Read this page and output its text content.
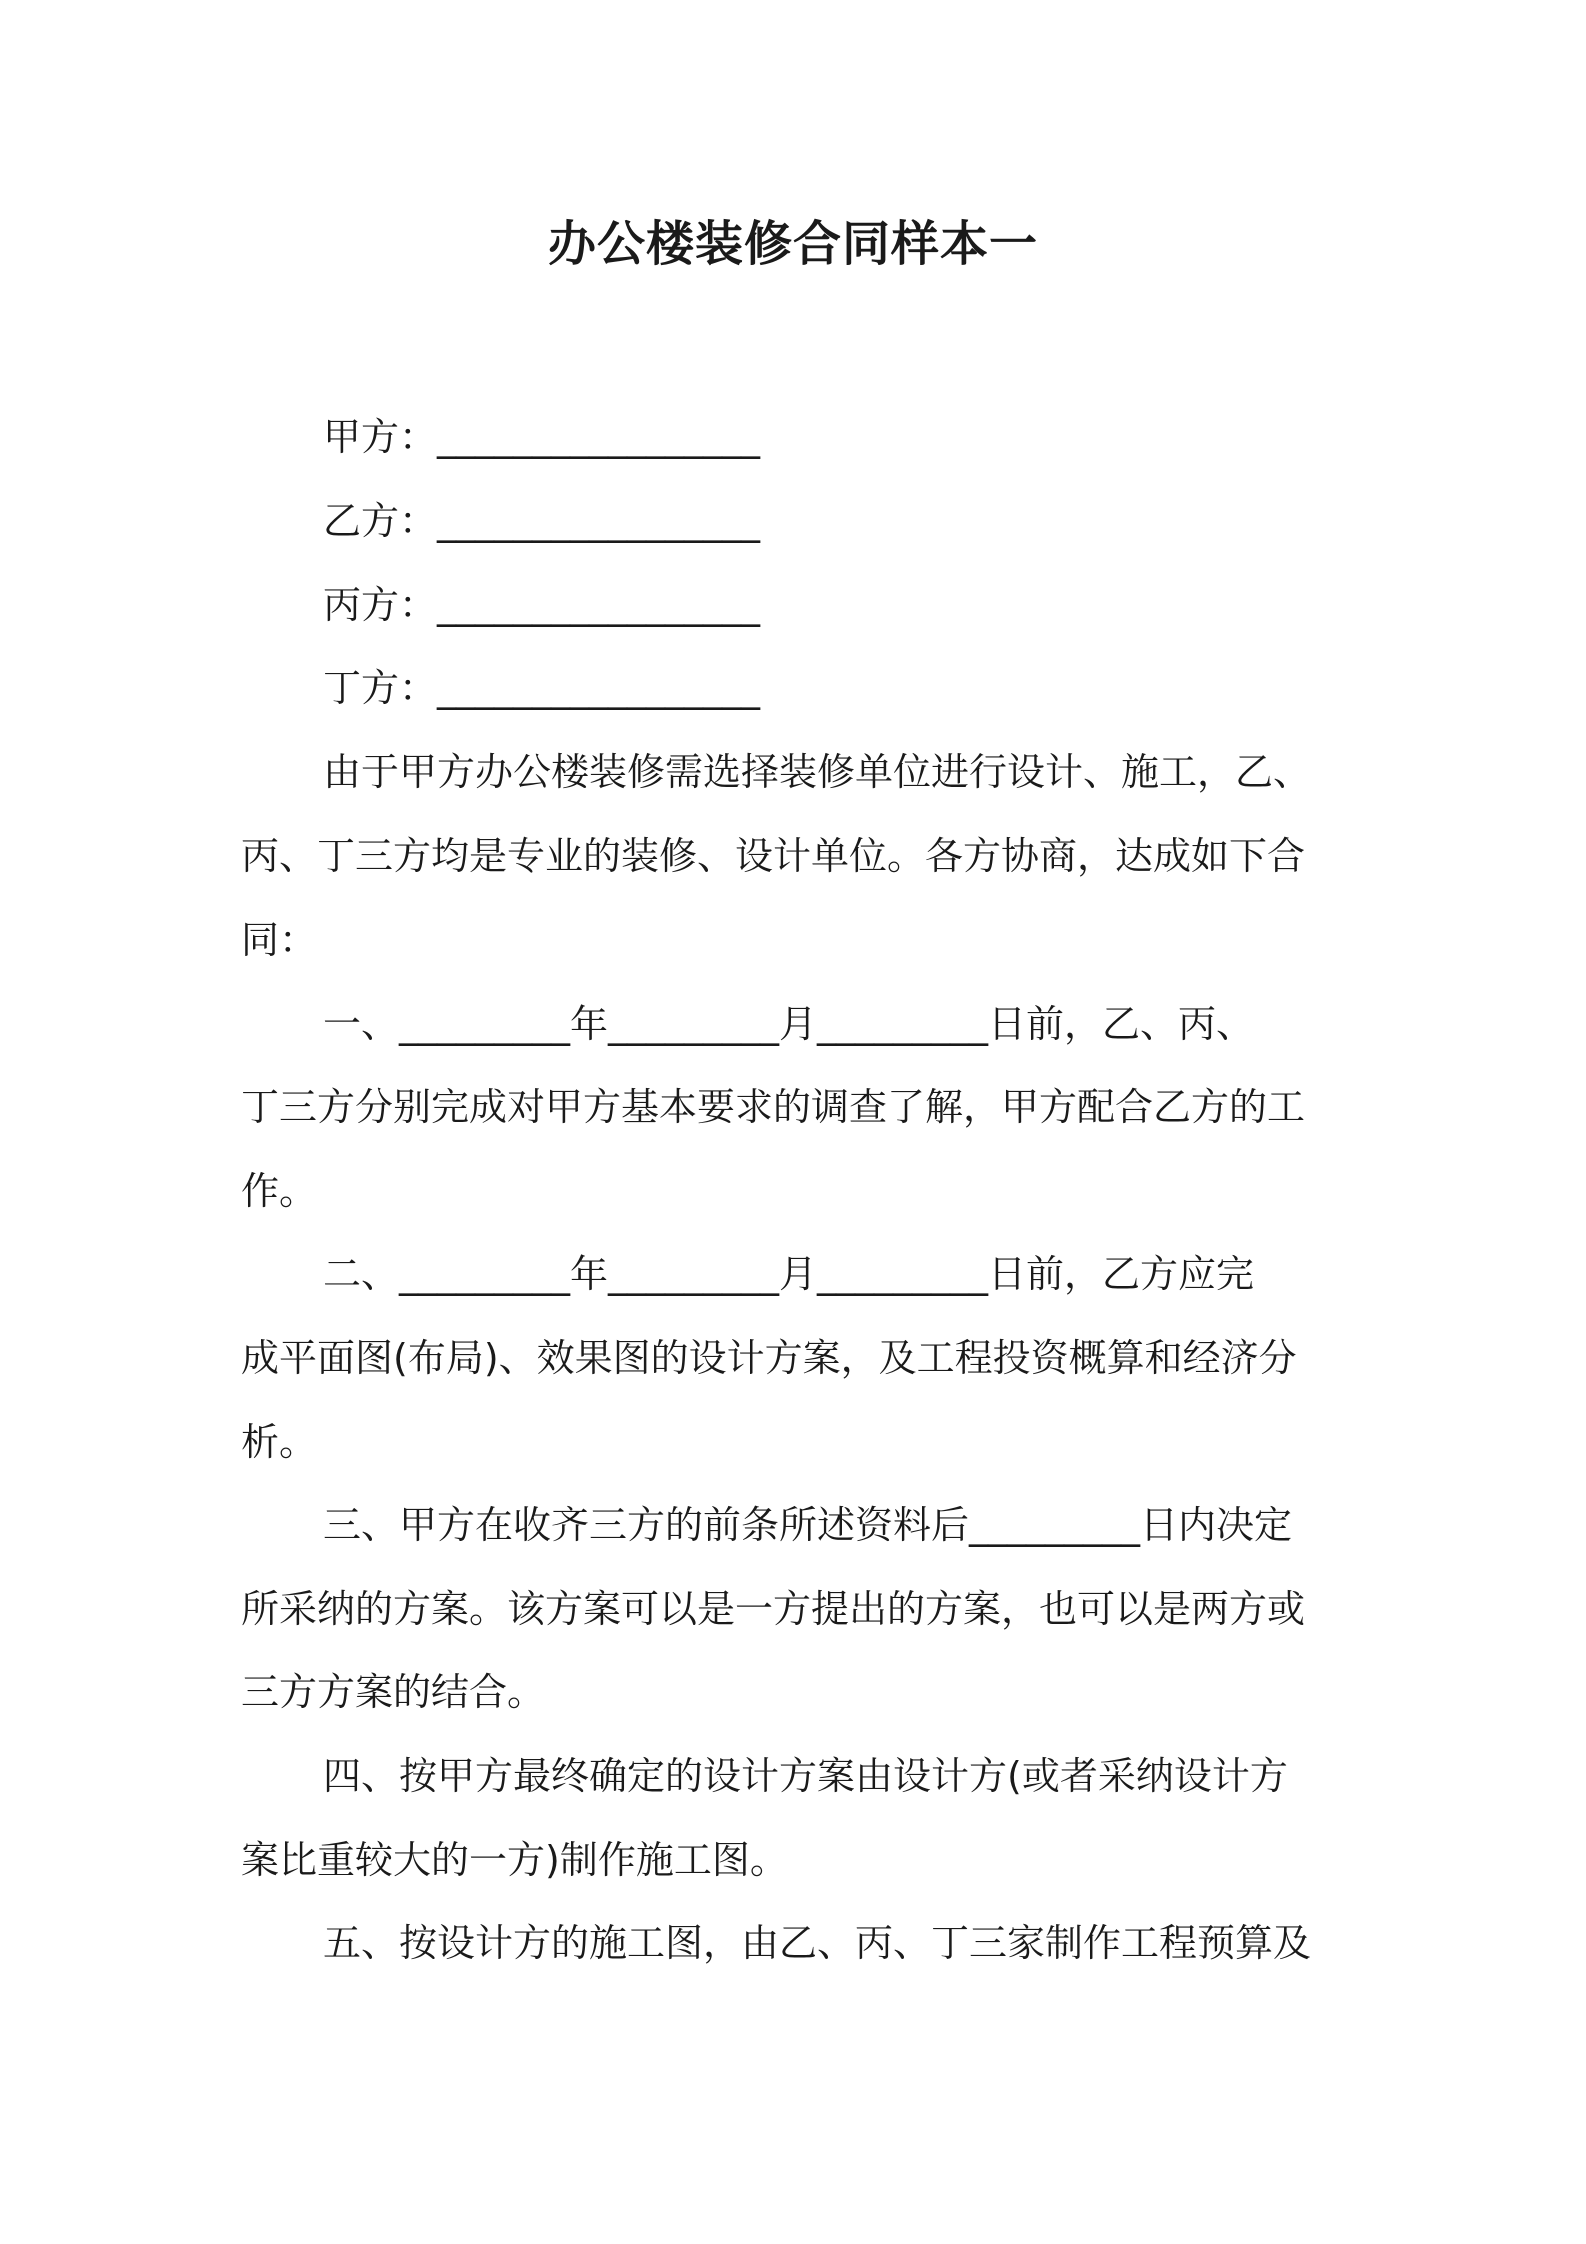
办公楼装修合同样本一

甲方：_________________

乙方：_________________

丙方：_________________

丁方：_________________

由于甲方办公楼装修需选择装修单位进行设计、施工，乙、

丙、丁三方均是专业的装修、设计单位。各方协商，达成如下合

同：

一、_________年_________月_________日前，乙、丙、

丁三方分别完成对甲方基本要求的调查了解，甲方配合乙方的工

作。

二、_________年_________月_________日前，乙方应完

成平面图(布局)、效果图的设计方案，及工程投资概算和经济分

析。

三、甲方在收齐三方的前条所述资料后_________日内决定

所采纳的方案。该方案可以是一方提出的方案，也可以是两方或

三方方案的结合。

四、按甲方最终确定的设计方案由设计方(或者采纳设计方

案比重较大的一方)制作施工图。

五、按设计方的施工图，由乙、丙、丁三家制作工程预算及
